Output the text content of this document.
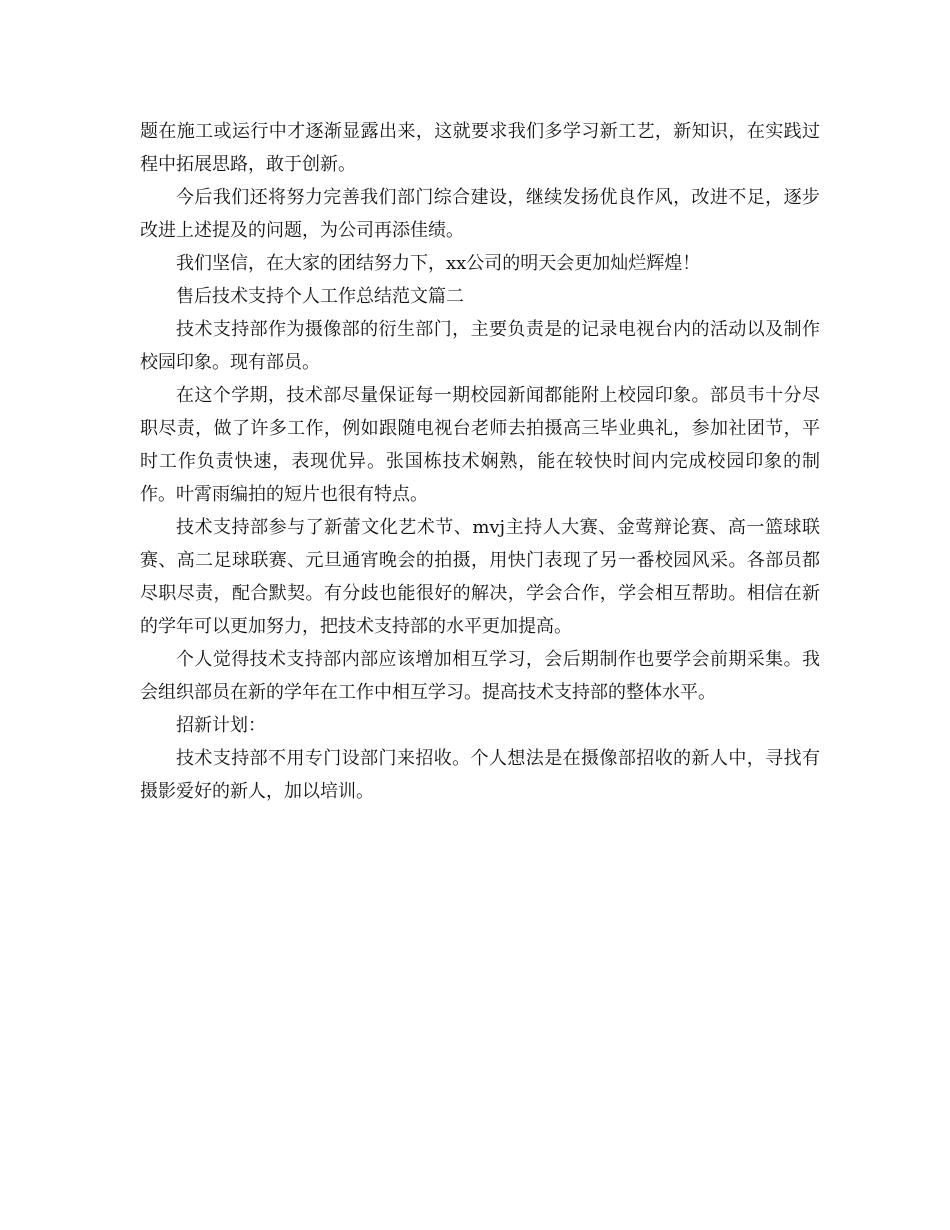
题在施工或运行中才逐渐显露出来，这就要求我们多学习新工艺，新知识，在实践过程中拓展思路，敢于创新。

今后我们还将努力完善我们部门综合建设，继续发扬优良作风，改进不足，逐步改进上述提及的问题，为公司再添佳绩。

我们坚信，在大家的团结努力下，xx公司的明天会更加灿烂辉煌！

售后技术支持个人工作总结范文篇二

技术支持部作为摄像部的衍生部门，主要负责是的记录电视台内的活动以及制作校园印象。现有部员。

在这个学期，技术部尽量保证每一期校园新闻都能附上校园印象。部员韦十分尽职尽责，做了许多工作，例如跟随电视台老师去拍摄高三毕业典礼，参加社团节，平时工作负责快速，表现优异。张国栋技术娴熟，能在较快时间内完成校园印象的制作。叶霄雨编拍的短片也很有特点。

技术支持部参与了新蕾文化艺术节、mvj主持人大赛、金莺辩论赛、高一篮球联赛、高二足球联赛、元旦通宵晚会的拍摄，用快门表现了另一番校园风采。各部员都尽职尽责，配合默契。有分歧也能很好的解决，学会合作，学会相互帮助。相信在新的学年可以更加努力，把技术支持部的水平更加提高。

个人觉得技术支持部内部应该增加相互学习，会后期制作也要学会前期采集。我会组织部员在新的学年在工作中相互学习。提高技术支持部的整体水平。

招新计划：

技术支持部不用专门设部门来招收。个人想法是在摄像部招收的新人中，寻找有摄影爱好的新人，加以培训。
